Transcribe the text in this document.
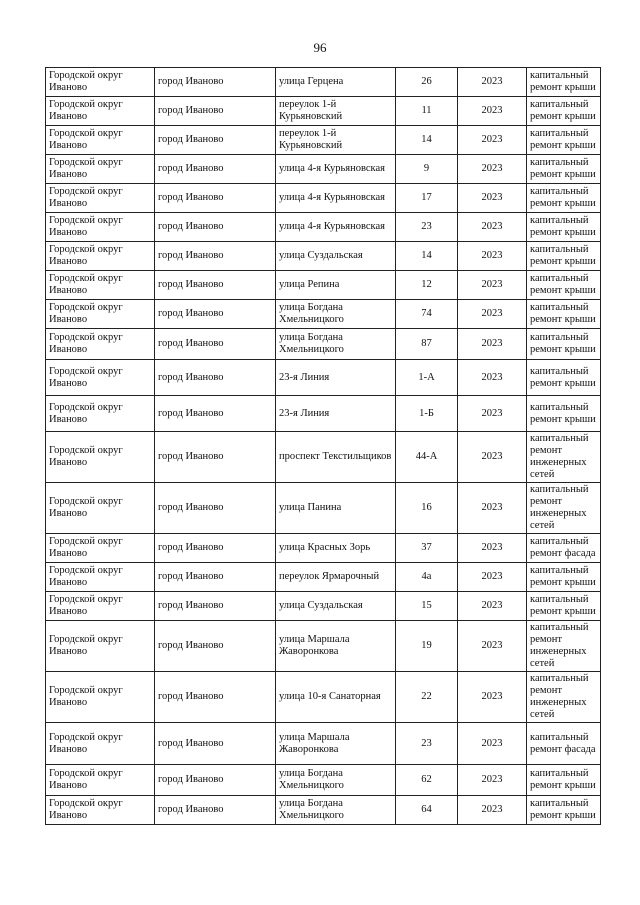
96
Городской округ Иваново	город Иваново	улица Герцена	26	2023	капитальный ремонт крыши
Городской округ Иваново	город Иваново	переулок 1-й Курьяновский	11	2023	капитальный ремонт крыши
Городской округ Иваново	город Иваново	переулок 1-й Курьяновский	14	2023	капитальный ремонт крыши
Городской округ Иваново	город Иваново	улица 4-я Курьяновская	9	2023	капитальный ремонт крыши
Городской округ Иваново	город Иваново	улица 4-я Курьяновская	17	2023	капитальный ремонт крыши
Городской округ Иваново	город Иваново	улица 4-я Курьяновская	23	2023	капитальный ремонт крыши
Городской округ Иваново	город Иваново	улица Суздальская	14	2023	капитальный ремонт крыши
Городской округ Иваново	город Иваново	улица Репина	12	2023	капитальный ремонт крыши
Городской округ Иваново	город Иваново	улица Богдана Хмельницкого	74	2023	капитальный ремонт крыши
Городской округ Иваново	город Иваново	улица Богдана Хмельницкого	87	2023	капитальный ремонт крыши
Городской округ Иваново	город Иваново	23-я Линия	1-А	2023	капитальный ремонт крыши
Городской округ Иваново	город Иваново	23-я Линия	1-Б	2023	капитальный ремонт крыши
Городской округ Иваново	город Иваново	проспект Текстильщиков	44-А	2023	капитальный ремонт инженерных сетей
Городской округ Иваново	город Иваново	улица Панина	16	2023	капитальный ремонт инженерных сетей
Городской округ Иваново	город Иваново	улица Красных Зорь	37	2023	капитальный ремонт фасада
Городской округ Иваново	город Иваново	переулок Ярмарочный	4а	2023	капитальный ремонт крыши
Городской округ Иваново	город Иваново	улица Суздальская	15	2023	капитальный ремонт крыши
Городской округ Иваново	город Иваново	улица Маршала Жаворонкова	19	2023	капитальный ремонт инженерных сетей
Городской округ Иваново	город Иваново	улица 10-я Санаторная	22	2023	капитальный ремонт инженерных сетей
Городской округ Иваново	город Иваново	улица Маршала Жаворонкова	23	2023	капитальный ремонт фасада
Городской округ Иваново	город Иваново	улица Богдана Хмельницкого	62	2023	капитальный ремонт крыши
Городской округ Иваново	город Иваново	улица Богдана Хмельницкого	64	2023	капитальный ремонт крыши
